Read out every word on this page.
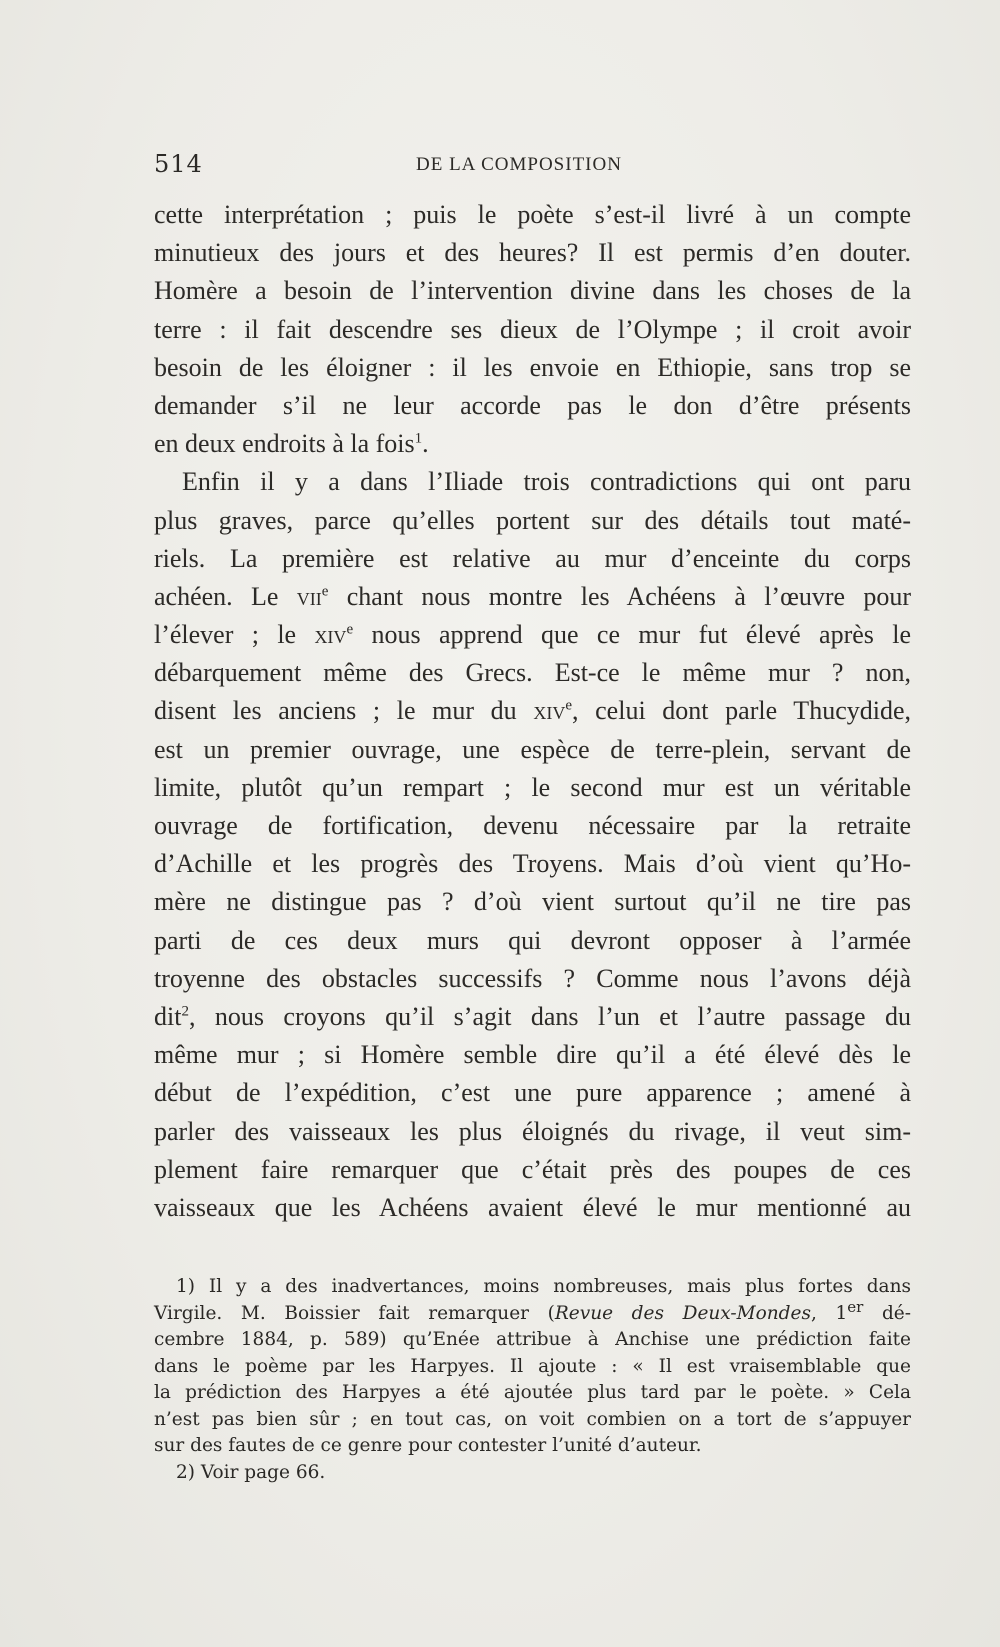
514	DE LA COMPOSITION
cette interprétation ; puis le poète s’est-il livré à un compte
minutieux des jours et des heures? Il est permis d’en douter.
Homère a besoin de l’intervention divine dans les choses de la
terre : il fait descendre ses dieux de l’Olympe ; il croit avoir
besoin de les éloigner : il les envoie en Ethiopie, sans trop se
demander s’il ne leur accorde pas le don d’être présents
en deux endroits à la fois$^1$.
Enfin il y a dans l’Iliade trois contradictions qui ont paru
plus graves, parce qu’elles portent sur des détails tout maté-
riels. La première est relative au mur d’enceinte du corps
achéen. Le vii$^e$ chant nous montre les Achéens à l’œuvre pour
l’élever ; le xiv$^e$ nous apprend que ce mur fut élevé après le
débarquement même des Grecs. Est-ce le même mur ? non,
disent les anciens ; le mur du xiv$^e$, celui dont parle Thucydide,
est un premier ouvrage, une espèce de terre-plein, servant de
limite, plutôt qu’un rempart ; le second mur est un véritable
ouvrage de fortification, devenu nécessaire par la retraite
d’Achille et les progrès des Troyens. Mais d’où vient qu’Ho-
mère ne distingue pas ? d’où vient surtout qu’il ne tire pas
parti de ces deux murs qui devront opposer à l’armée
troyenne des obstacles successifs ? Comme nous l’avons déjà
dit$^2$, nous croyons qu’il s’agit dans l’un et l’autre passage du
même mur ; si Homère semble dire qu’il a été élevé dès le
début de l’expédition, c’est une pure apparence ; amené à
parler des vaisseaux les plus éloignés du rivage, il veut sim-
plement faire remarquer que c’était près des poupes de ces
vaisseaux que les Achéens avaient élevé le mur mentionné au
1) Il y a des inadvertances, moins nombreuses, mais plus fortes dans
Virgile. M. Boissier fait remarquer (Revue des Deux-Mondes, 1er dé-
cembre 1884, p. 589) qu’Enée attribue à Anchise une prédiction faite
dans le poème par les Harpyes. Il ajoute : « Il est vraisemblable que
la prédiction des Harpyes a été ajoutée plus tard par le poète. » Cela
n’est pas bien sûr ; en tout cas, on voit combien on a tort de s’appuyer
sur des fautes de ce genre pour contester l’unité d’auteur.
2) Voir page 66.
